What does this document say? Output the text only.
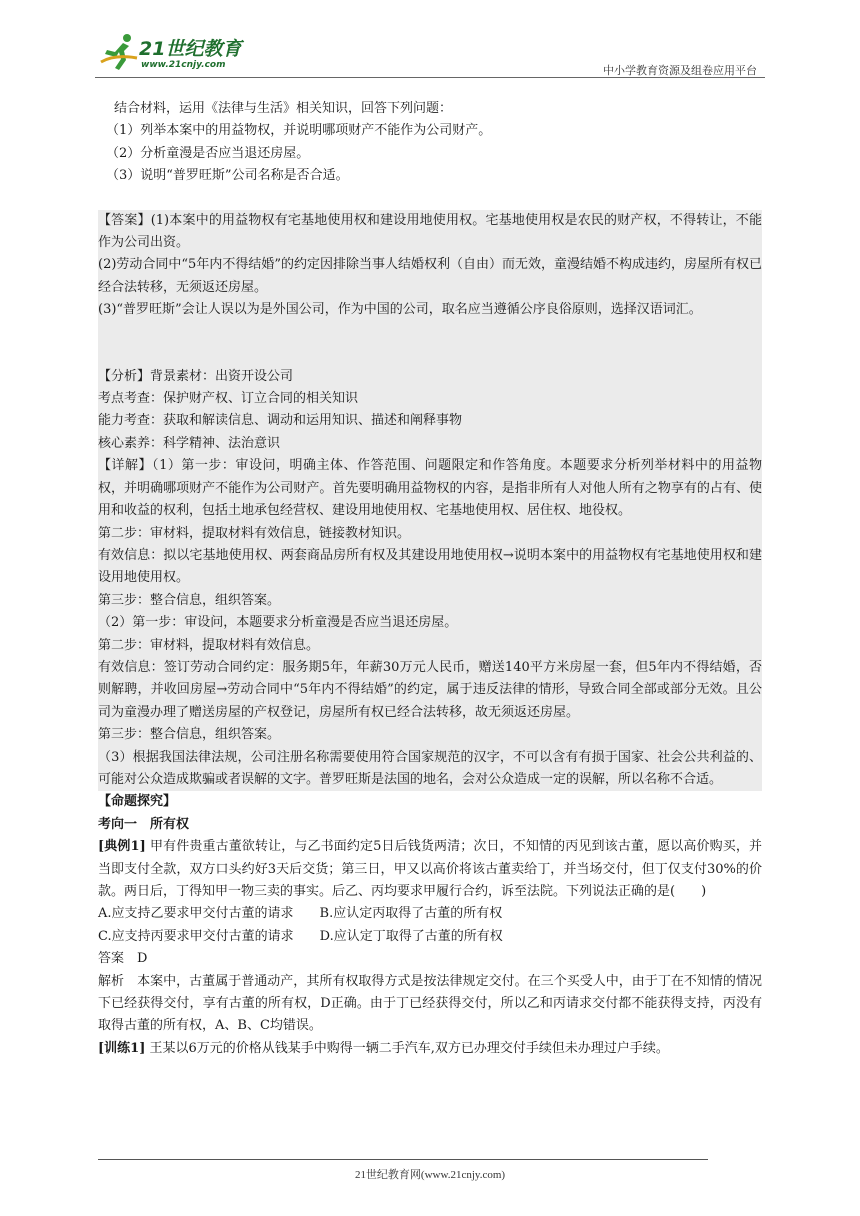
21世纪教育
www.21cnjy.com	中小学教育资源及组卷应用平台

结合材料，运用《法律与生活》相关知识，回答下列问题：

（1）列举本案中的用益物权，并说明哪项财产不能作为公司财产。

（2）分析童漫是否应当退还房屋。

（3）说明“普罗旺斯”公司名称是否合适。

【答案】(1)本案中的用益物权有宅基地使用权和建设用地使用权。宅基地使用权是农民的财产权，不得转让，不能作为公司出资。

(2)劳动合同中“5年内不得结婚”的约定因排除当事人结婚权利（自由）而无效，童漫结婚不构成违约，房屋所有权已经合法转移，无须返还房屋。

(3)“普罗旺斯”会让人误以为是外国公司，作为中国的公司，取名应当遵循公序良俗原则，选择汉语词汇。

【分析】背景素材：出资开设公司

考点考查：保护财产权、订立合同的相关知识

能力考查：获取和解读信息、调动和运用知识、描述和阐释事物

核心素养：科学精神、法治意识

【详解】（1）第一步：审设问，明确主体、作答范围、问题限定和作答角度。本题要求分析列举材料中的用益物权，并明确哪项财产不能作为公司财产。首先要明确用益物权的内容，是指非所有人对他人所有之物享有的占有、使用和收益的权利，包括土地承包经营权、建设用地使用权、宅基地使用权、居住权、地役权。

第二步：审材料，提取材料有效信息，链接教材知识。

有效信息：拟以宅基地使用权、两套商品房所有权及其建设用地使用权→说明本案中的用益物权有宅基地使用权和建设用地使用权。

第三步：整合信息，组织答案。

（2）第一步：审设问，本题要求分析童漫是否应当退还房屋。

第二步：审材料，提取材料有效信息。

有效信息：签订劳动合同约定：服务期5年，年薪30万元人民币，赠送140平方米房屋一套，但5年内不得结婚，否则解聘，并收回房屋→劳动合同中“5年内不得结婚”的约定，属于违反法律的情形，导致合同全部或部分无效。且公司为童漫办理了赠送房屋的产权登记，房屋所有权已经合法转移，故无须返还房屋。

第三步：整合信息，组织答案。

（3）根据我国法律法规，公司注册名称需要使用符合国家规范的汉字，不可以含有有损于国家、社会公共利益的、可能对公众造成欺骗或者误解的文字。普罗旺斯是法国的地名，会对公众造成一定的误解，所以名称不合适。

【命题探究】

考向一　所有权

[典例1] 甲有件贵重古董欲转让，与乙书面约定5日后钱货两清；次日，不知情的丙见到该古董，愿以高价购买，并当即支付全款，双方口头约好3天后交货；第三日，甲又以高价将该古董卖给丁，并当场交付，但丁仅支付30%的价款。两日后，丁得知甲一物三卖的事实。后乙、丙均要求甲履行合约，诉至法院。下列说法正确的是(　　)

A.应支持乙要求甲交付古董的请求　　 B.应认定丙取得了古董的所有权

C.应支持丙要求甲交付古董的请求　　 D.应认定丁取得了古董的所有权

答案　 D

解析　 本案中，古董属于普通动产，其所有权取得方式是按法律规定交付。在三个买受人中，由于丁在不知情的情况下已经获得交付，享有古董的所有权，D正确。由于丁已经获得交付，所以乙和丙请求交付都不能获得支持，丙没有取得古董的所有权，A、B、C均错误。

[训练1] 王某以6万元的价格从钱某手中购得一辆二手汽车,双方已办理交付手续但未办理过户手续。

21世纪教育网(www.21cnjy.com)
